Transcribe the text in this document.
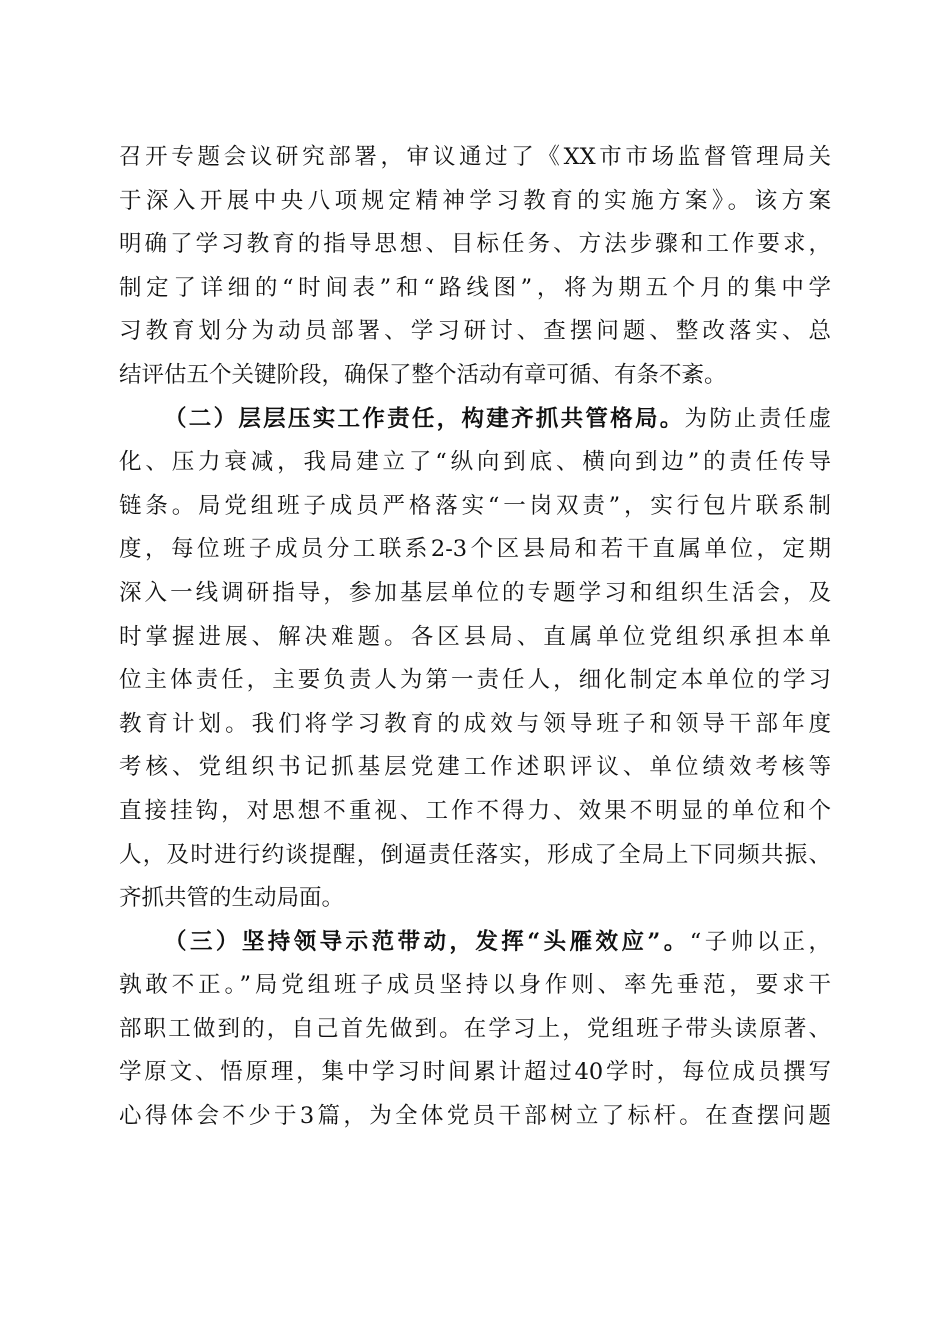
召开专题会议研究部署，审议通过了《XX市市场监督管理局关
于深入开展中央八项规定精神学习教育的实施方案》。该方案
明确了学习教育的指导思想、目标任务、方法步骤和工作要求，
制定了详细的“时间表”和“路线图”，将为期五个月的集中学
习教育划分为动员部署、学习研讨、查摆问题、整改落实、总
结评估五个关键阶段，确保了整个活动有章可循、有条不紊。
（二）层层压实工作责任，构建齐抓共管格局。为防止责任虚
化、压力衰减，我局建立了“纵向到底、横向到边”的责任传导
链条。局党组班子成员严格落实“一岗双责”，实行包片联系制
度，每位班子成员分工联系2-3个区县局和若干直属单位，定期
深入一线调研指导，参加基层单位的专题学习和组织生活会，及
时掌握进展、解决难题。各区县局、直属单位党组织承担本单
位主体责任，主要负责人为第一责任人，细化制定本单位的学习
教育计划。我们将学习教育的成效与领导班子和领导干部年度
考核、党组织书记抓基层党建工作述职评议、单位绩效考核等
直接挂钩，对思想不重视、工作不得力、效果不明显的单位和个
人，及时进行约谈提醒，倒逼责任落实，形成了全局上下同频共振、
齐抓共管的生动局面。
（三）坚持领导示范带动，发挥“头雁效应”。“子帅以正，
孰敢不正。”局党组班子成员坚持以身作则、率先垂范，要求干
部职工做到的，自己首先做到。在学习上，党组班子带头读原著、
学原文、悟原理，集中学习时间累计超过40学时，每位成员撰写
心得体会不少于3篇，为全体党员干部树立了标杆。在查摆问题
